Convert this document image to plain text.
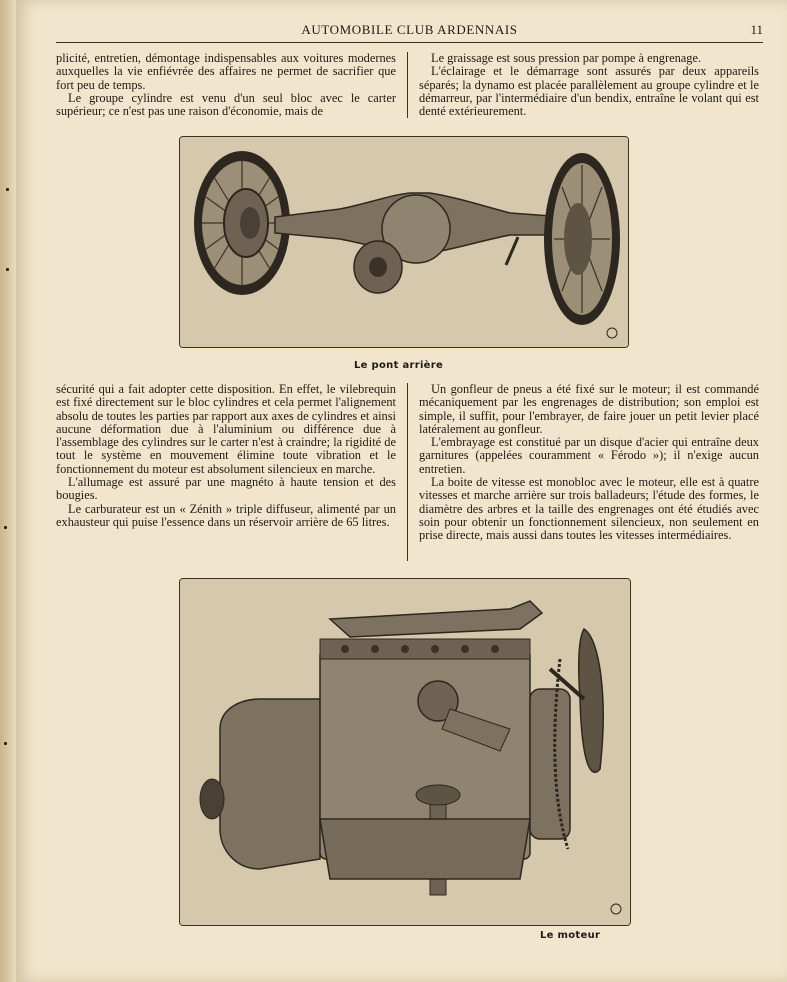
AUTOMOBILE CLUB ARDENNAIS	11

plicité, entretien, démontage indispensables aux voitures modernes auxquelles la vie enfiévrée des affaires ne permet de sacrifier que fort peu de temps.

Le groupe cylindre est venu d'un seul bloc avec le carter supérieur; ce n'est pas une raison d'économie, mais de

Le graissage est sous pression par pompe à engrenage.

L'éclairage et le démarrage sont assurés par deux appareils séparés; la dynamo est placée parallèlement au groupe cylindre et le démarreur, par l'intermédiaire d'un bendix, entraîne le volant qui est denté extérieurement.

Le pont arrière

sécurité qui a fait adopter cette disposition. En effet, le vilebrequin est fixé directement sur le bloc cylindres et cela permet l'alignement absolu de toutes les parties par rapport aux axes de cylindres et ainsi aucune déformation due à l'aluminium ou différence due à l'assemblage des cylindres sur le carter n'est à craindre; la rigidité de tout le système en mouvement élimine toute vibration et le fonctionnement du moteur est absolument silencieux en marche.

L'allumage est assuré par une magnéto à haute tension et des bougies.

Le carburateur est un « Zénith » triple diffuseur, alimenté par un exhausteur qui puise l'essence dans un réservoir arrière de 65 litres.

Un gonfleur de pneus a été fixé sur le moteur; il est commandé mécaniquement par les engrenages de distribution; son emploi est simple, il suffit, pour l'embrayer, de faire jouer un petit levier placé latéralement au gonfleur.

L'embrayage est constitué par un disque d'acier qui entraîne deux garnitures (appelées couramment « Férodo »); il n'exige aucun entretien.

La boite de vitesse est monobloc avec le moteur, elle est à quatre vitesses et marche arrière sur trois balladeurs; l'étude des formes, le diamètre des arbres et la taille des engrenages ont été étudiés avec soin pour obtenir un fonctionnement silencieux, non seulement en prise directe, mais aussi dans toutes les vitesses intermédiaires.

Le moteur
